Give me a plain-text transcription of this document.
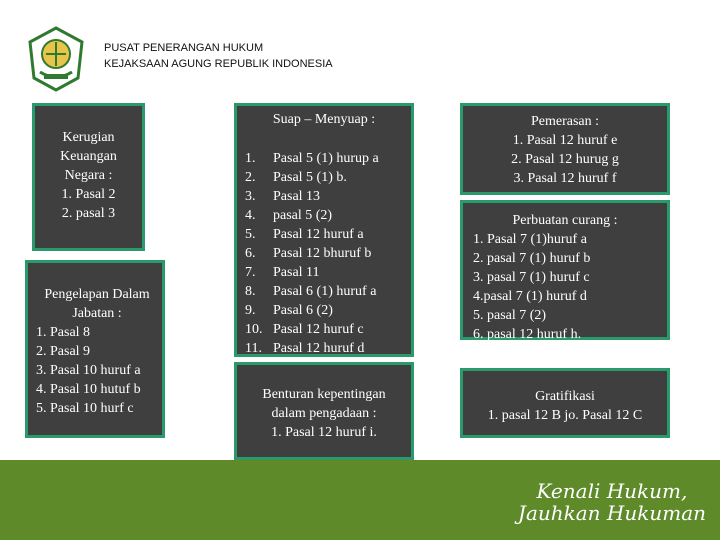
PUSAT PENERANGAN HUKUM
KEJAKSAAN AGUNG REPUBLIK INDONESIA
Kerugian
Keuangan
Negara :
1. Pasal 2
2. pasal 3
Pengelapan Dalam
Jabatan :
1. Pasal 8
2. Pasal 9
3. Pasal 10 huruf a
4. Pasal 10 hutuf b
5. Pasal 10 hurf c
Suap – Menyuap :
1.	Pasal 5 (1) hurup a
2.	Pasal 5 (1) b.
3.	Pasal 13
4.	pasal 5 (2)
5.	Pasal 12 huruf a
6.	Pasal 12 bhuruf b
7.	Pasal 11
8.	Pasal 6 (1) huruf a
9.	Pasal 6 (2)
10. Pasal 12 huruf c
11. Pasal 12 huruf d
Benturan kepentingan
dalam pengadaan :
1. Pasal 12 huruf i.
Pemerasan :
1. Pasal 12 huruf e
2. Pasal 12 hurug g
3. Pasal 12 huruf f
Perbuatan curang :
1. Pasal 7 (1)huruf a
2. pasal 7 (1) huruf b
3. pasal 7 (1) huruf c
4.pasal 7 (1) huruf d
5. pasal 7 (2)
6. pasal 12 huruf h.
Gratifikasi
1. pasal 12 B jo. Pasal 12 C
Kenali Hukum,
Jauhkan Hukuman
